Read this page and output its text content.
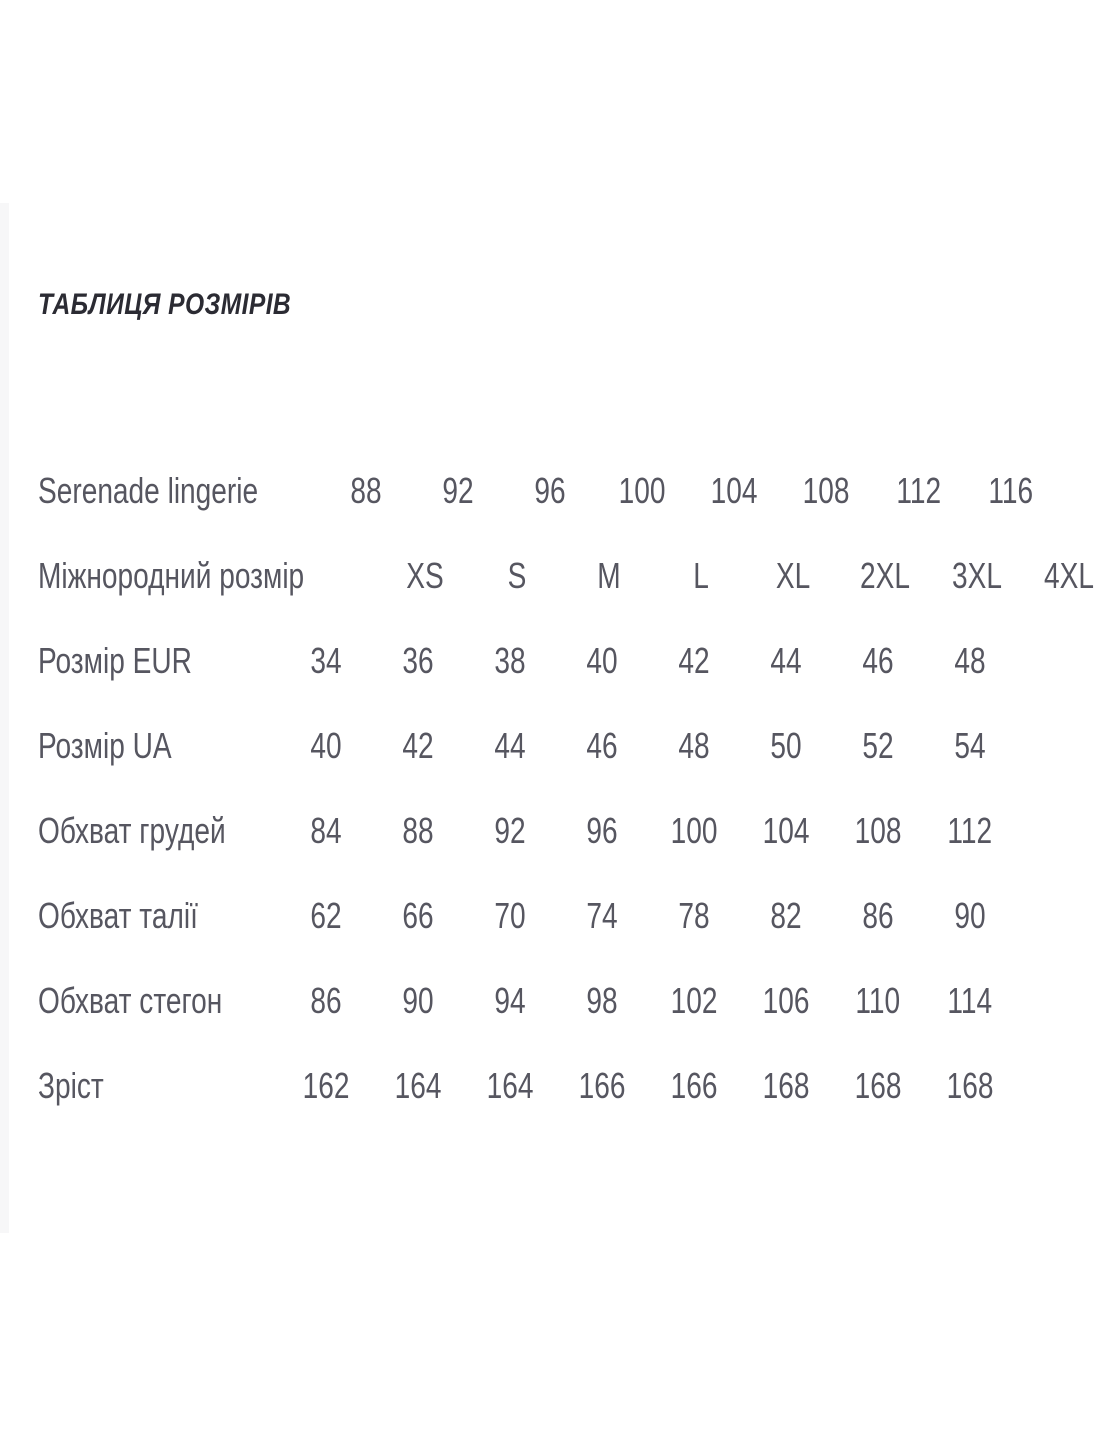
ТАБЛИЦЯ РОЗМІРІВ
Serenade lingerie	88	92	96	100	104	108	112	116
Міжнородний розмір	XS	S	M	L	XL	2XL	3XL	4XL
Розмір EUR	34	36	38	40	42	44	46	48
Розмір UA	40	42	44	46	48	50	52	54
Обхват грудей	84	88	92	96	100	104	108	112
Обхват талії	62	66	70	74	78	82	86	90
Обхват стегон	86	90	94	98	102	106	110	114
Зріст	162	164	164	166	166	168	168	168
